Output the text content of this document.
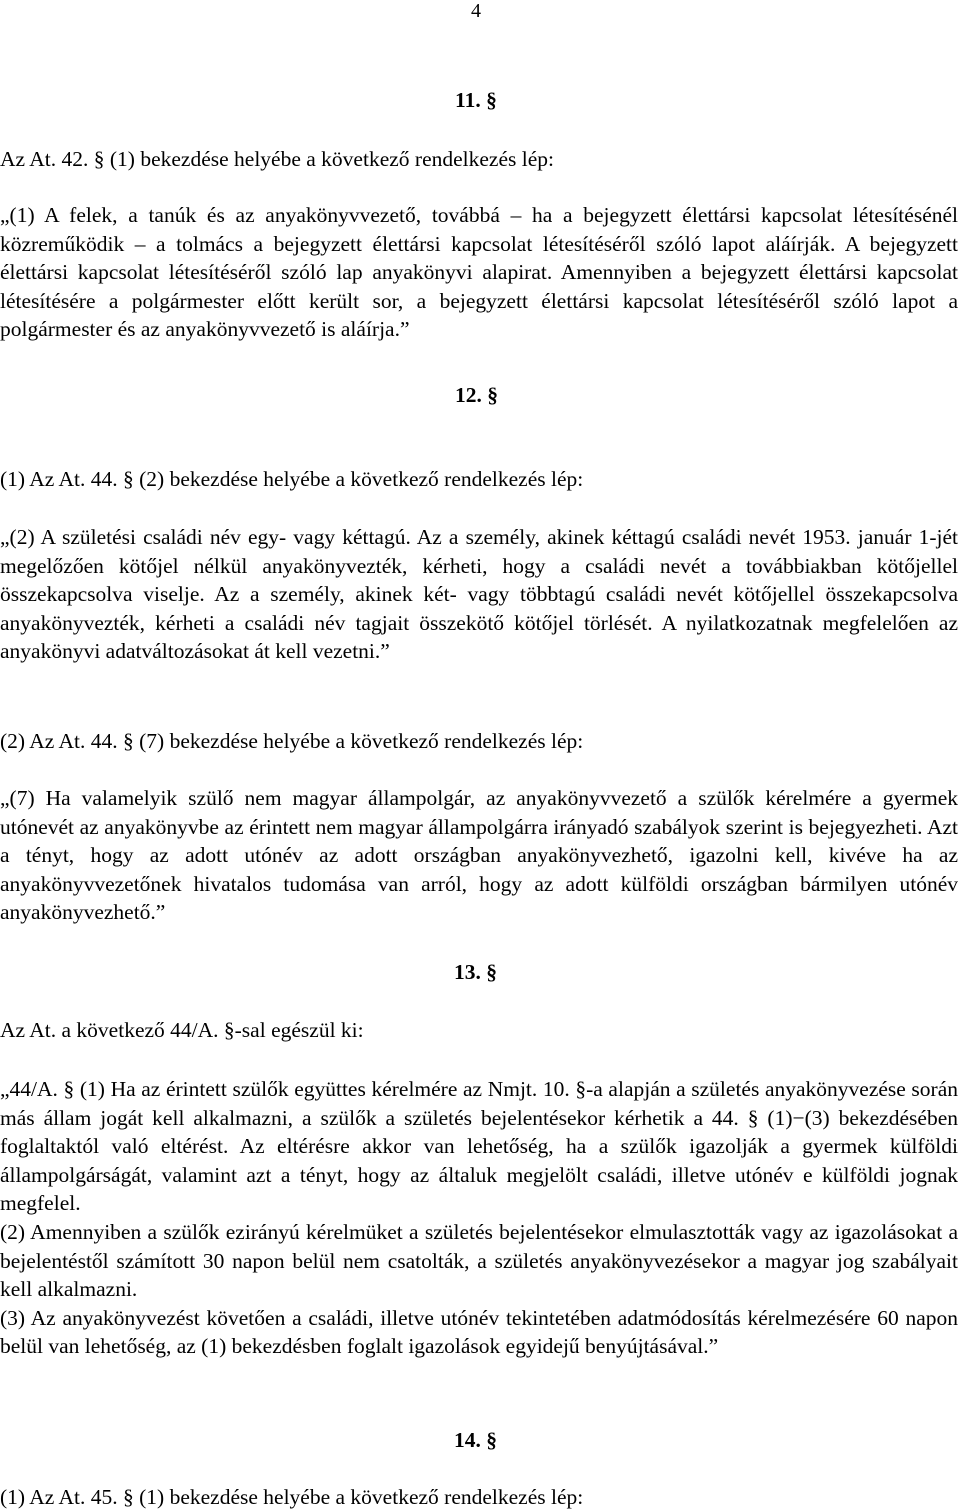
4
11. §
Az At. 42. § (1) bekezdése helyébe a következő rendelkezés lép:

„(1) A felek, a tanúk és az anyakönyvvezető, továbbá – ha a bejegyzett élettársi kapcsolat létesítésénél közreműködik – a tolmács a bejegyzett élettársi kapcsolat létesítéséről szóló lapot aláírják. A bejegyzett élettársi kapcsolat létesítéséről szóló lap anyakönyvi alapirat. Amennyiben a bejegyzett élettársi kapcsolat létesítésére a polgármester előtt került sor, a bejegyzett élettársi kapcsolat létesítéséről szóló lapot a polgármester és az anyakönyvvezető is aláírja.”

12. §
(1) Az At. 44. § (2) bekezdése helyébe a következő rendelkezés lép:

„(2) A születési családi név egy- vagy kéttagú. Az a személy, akinek kéttagú családi nevét 1953. január 1-jét megelőzően kötőjel nélkül anyakönyvezték, kérheti, hogy a családi nevét a továbbiakban kötőjellel összekapcsolva viselje. Az a személy, akinek két- vagy többtagú családi nevét kötőjellel összekapcsolva anyakönyvezték, kérheti a családi név tagjait összekötő kötőjel törlését. A nyilatkozatnak megfelelően az anyakönyvi adatváltozásokat át kell vezetni.”

(2) Az At. 44. § (7) bekezdése helyébe a következő rendelkezés lép:

„(7) Ha valamelyik szülő nem magyar állampolgár, az anyakönyvvezető a szülők kérelmére a gyermek utónevét az anyakönyvbe az érintett nem magyar állampolgárra irányadó szabályok szerint is bejegyezheti. Azt a tényt, hogy az adott utónév az adott országban anyakönyvezhető, igazolni kell, kivéve ha az anyakönyvvezetőnek hivatalos tudomása van arról, hogy az adott külföldi országban bármilyen utónév anyakönyvezhető.”

13. §
Az At. a következő 44/A. §-sal egészül ki:

„44/A. § (1) Ha az érintett szülők együttes kérelmére az Nmjt. 10. §-a alapján a születés anyakönyvezése során más állam jogát kell alkalmazni, a szülők a születés bejelentésekor kérhetik a 44. § (1)−(3) bekezdésében foglaltaktól való eltérést. Az eltérésre akkor van lehetőség, ha a szülők igazolják a gyermek külföldi állampolgárságát, valamint azt a tényt, hogy az általuk megjelölt családi, illetve utónév e külföldi jognak megfelel.

(2) Amennyiben a szülők ezirányú kérelmüket a születés bejelentésekor elmulasztották vagy az igazolásokat a bejelentéstől számított 30 napon belül nem csatolták, a születés anyakönyvezésekor a magyar jog szabályait kell alkalmazni.

(3) Az anyakönyvezést követően a családi, illetve utónév tekintetében adatmódosítás kérelmezésére 60 napon belül van lehetőség, az (1) bekezdésben foglalt igazolások egyidejű benyújtásával.”

14. §
(1) Az At. 45. § (1) bekezdése helyébe a következő rendelkezés lép:
